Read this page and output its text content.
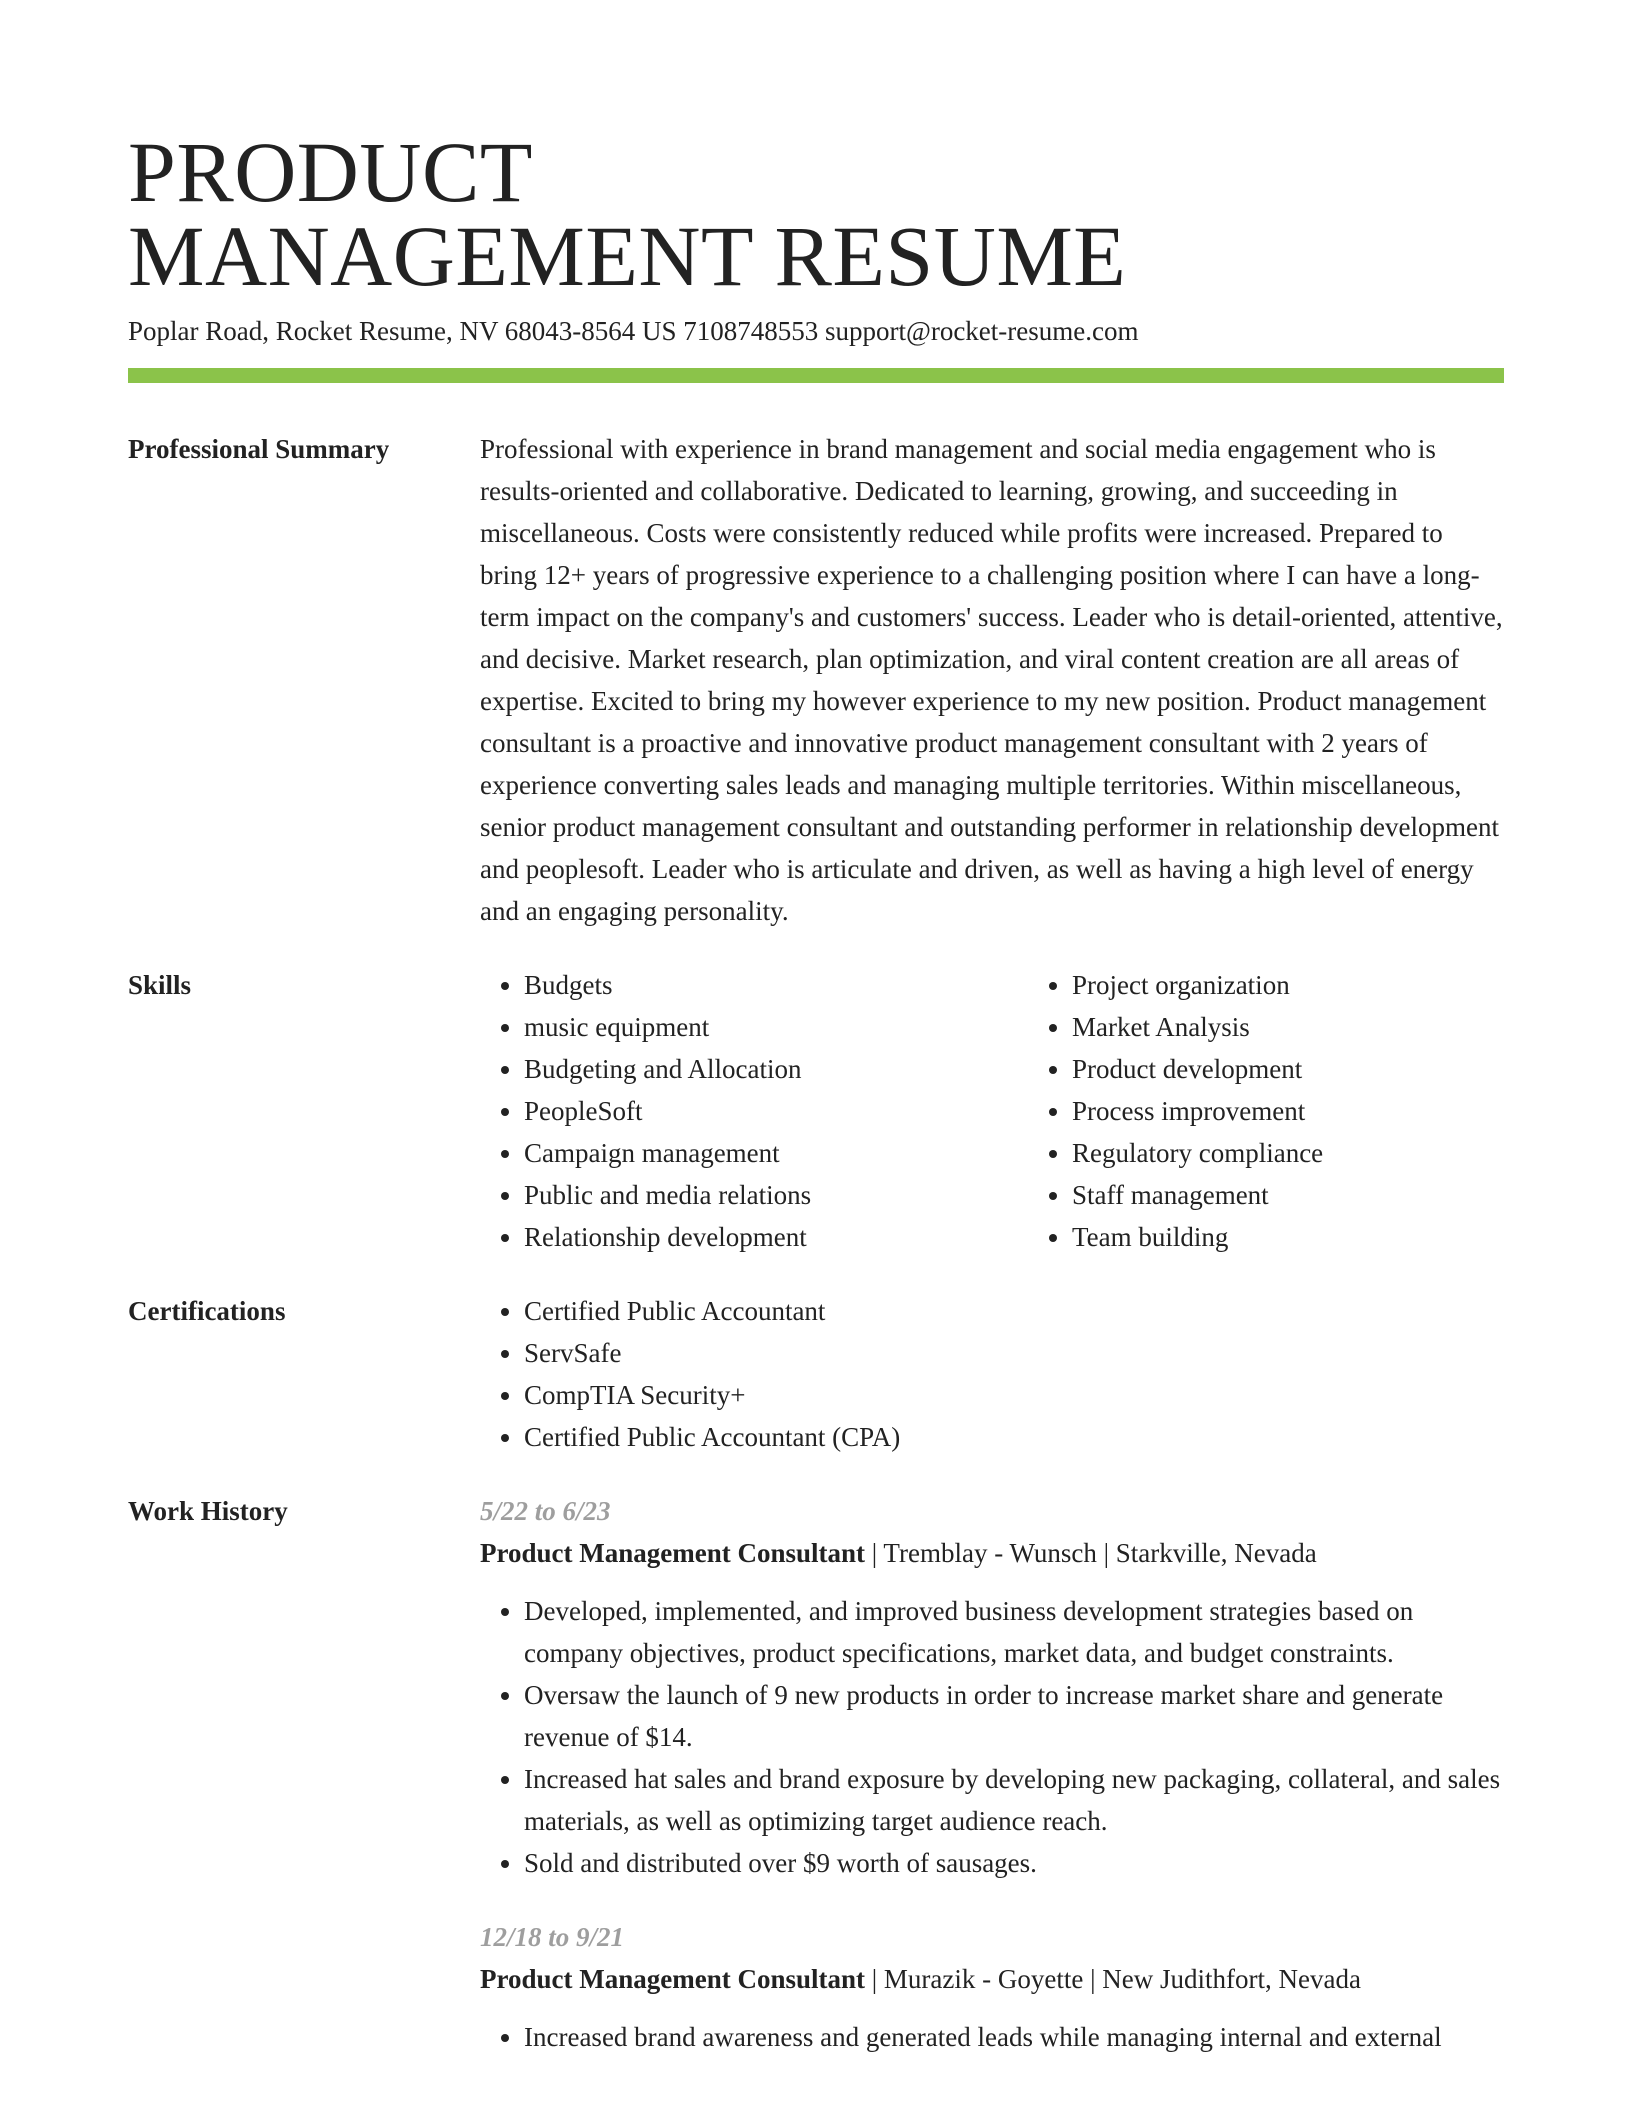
PRODUCT
MANAGEMENT RESUME
Poplar Road, Rocket Resume, NV 68043-8564 US 7108748553 support@rocket-resume.com
Professional Summary	Professional with experience in brand management and social media engagement who is results-oriented and collaborative. Dedicated to learning, growing, and succeeding in miscellaneous. Costs were consistently reduced while profits were increased. Prepared to bring 12+ years of progressive experience to a challenging position where I can have a long-term impact on the company's and customers' success. Leader who is detail-oriented, attentive, and decisive. Market research, plan optimization, and viral content creation are all areas of expertise. Excited to bring my however experience to my new position. Product management consultant is a proactive and innovative product management consultant with 2 years of experience converting sales leads and managing multiple territories. Within miscellaneous, senior product management consultant and outstanding performer in relationship development and peoplesoft. Leader who is articulate and driven, as well as having a high level of energy and an engaging personality.

Skills	• Budgets
• music equipment
• Budgeting and Allocation
• PeopleSoft
• Campaign management
• Public and media relations
• Relationship development
• Project organization
• Market Analysis
• Product development
• Process improvement
• Regulatory compliance
• Staff management
• Team building
Certifications	• Certified Public Accountant
• ServSafe
• CompTIA Security+
• Certified Public Accountant (CPA)
Work History	5/22 to 6/23
Product Management Consultant | Tremblay - Wunsch | Starkville, Nevada
• Developed, implemented, and improved business development strategies based on company objectives, product specifications, market data, and budget constraints.
• Oversaw the launch of 9 new products in order to increase market share and generate revenue of $14.
• Increased hat sales and brand exposure by developing new packaging, collateral, and sales materials, as well as optimizing target audience reach.
• Sold and distributed over $9 worth of sausages.
12/18 to 9/21
Product Management Consultant | Murazik - Goyette | New Judithfort, Nevada
• Increased brand awareness and generated leads while managing internal and external
